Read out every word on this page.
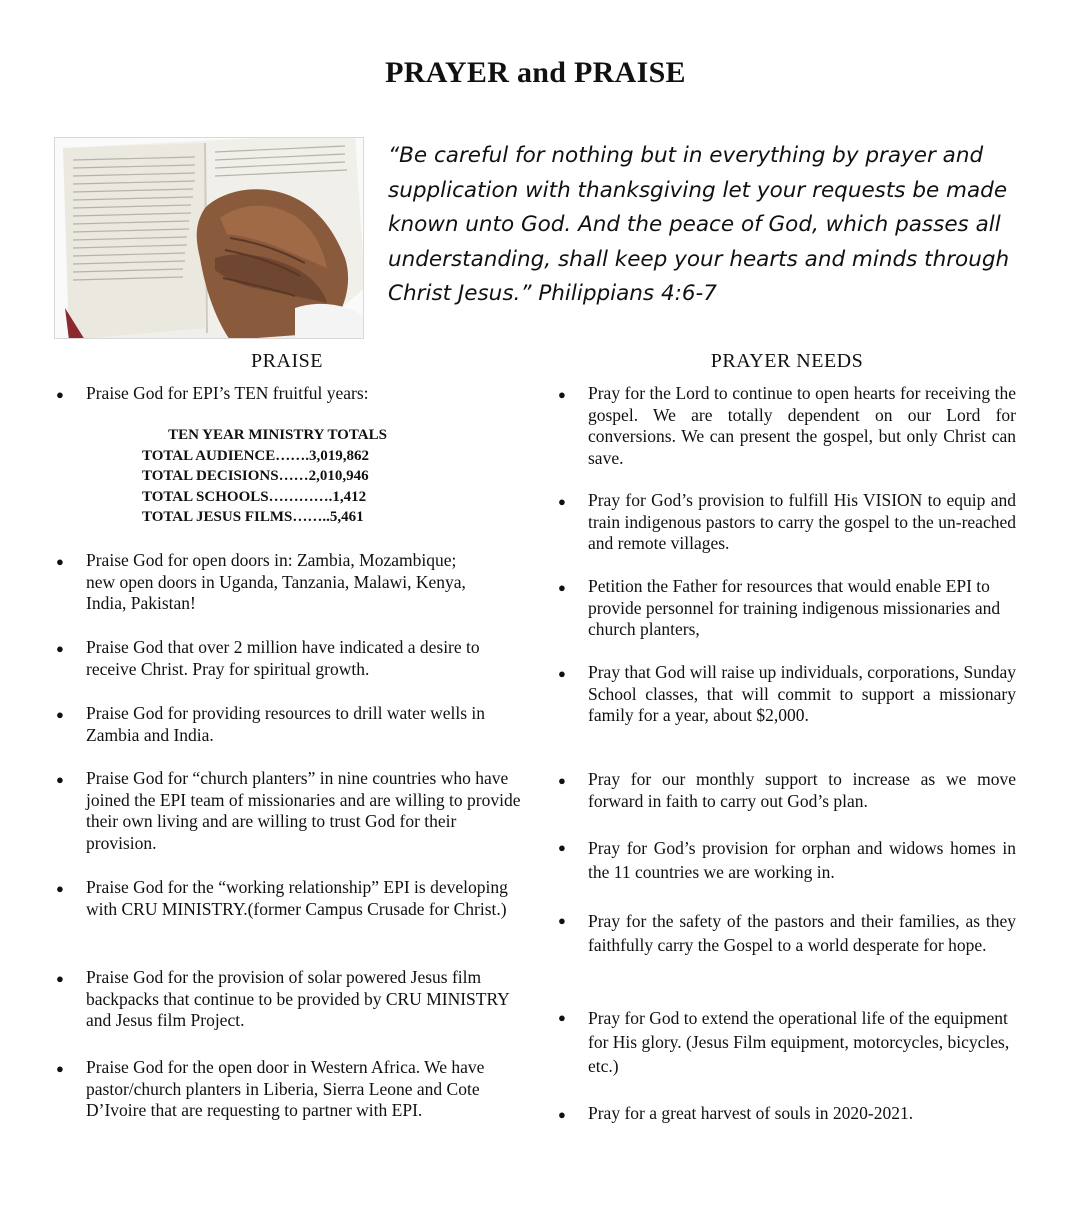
PRAYER and PRAISE
“Be careful for nothing but in everything by prayer and supplication with thanksgiving let your requests be made known unto God. And the peace of God, which passes all understanding, shall keep your hearts and minds through Christ Jesus.” Philippians 4:6-7
PRAISE
● Praise God for EPI’s TEN fruitful years:
TEN YEAR MINISTRY TOTALS
TOTAL AUDIENCE…….3,019,862
TOTAL DECISIONS……2,010,946
TOTAL SCHOOLS………….1,412
TOTAL JESUS FILMS……..5,461
● Praise God for open doors in: Zambia, Mozambique; new open doors in Uganda, Tanzania, Malawi, Kenya, India, Pakistan!
● Praise God that over 2 million have indicated a desire to receive Christ. Pray for spiritual growth.
● Praise God for providing resources to drill water wells in Zambia and India.
● Praise God for “church planters” in nine countries who have joined the EPI team of missionaries and are willing to provide their own living and are willing to trust God for their provision.
● Praise God for the “working relationship” EPI is developing with CRU MINISTRY.(former Campus Crusade for Christ.)
● Praise God for the provision of solar powered Jesus film backpacks that continue to be provided by CRU MINISTRY and Jesus film Project.
● Praise God for the open door in Western Africa. We have pastor/church planters in Liberia, Sierra Leone and Cote D’Ivoire that are requesting to partner with EPI.
PRAYER NEEDS
● Pray for the Lord to continue to open hearts for receiving the gospel. We are totally dependent on our Lord for conversions. We can present the gospel, but only Christ can save.
● Pray for God’s provision to fulfill His VISION to equip and train indigenous pastors to carry the gospel to the un-reached and remote villages.
● Petition the Father for resources that would enable EPI to provide personnel for training indigenous missionaries and church planters,
● Pray that God will raise up individuals, corporations, Sunday School classes, that will commit to support a missionary family for a year, about $2,000.
● Pray for our monthly support to increase as we move forward in faith to carry out God’s plan.
● Pray for God’s provision for orphan and widows homes in the 11 countries we are working in.
● Pray for the safety of the pastors and their families, as they faithfully carry the Gospel to a world desperate for hope.
● Pray for God to extend the operational life of the equipment for His glory. (Jesus Film equipment, motorcycles, bicycles, etc.)
● Pray for a great harvest of souls in 2020-2021.
